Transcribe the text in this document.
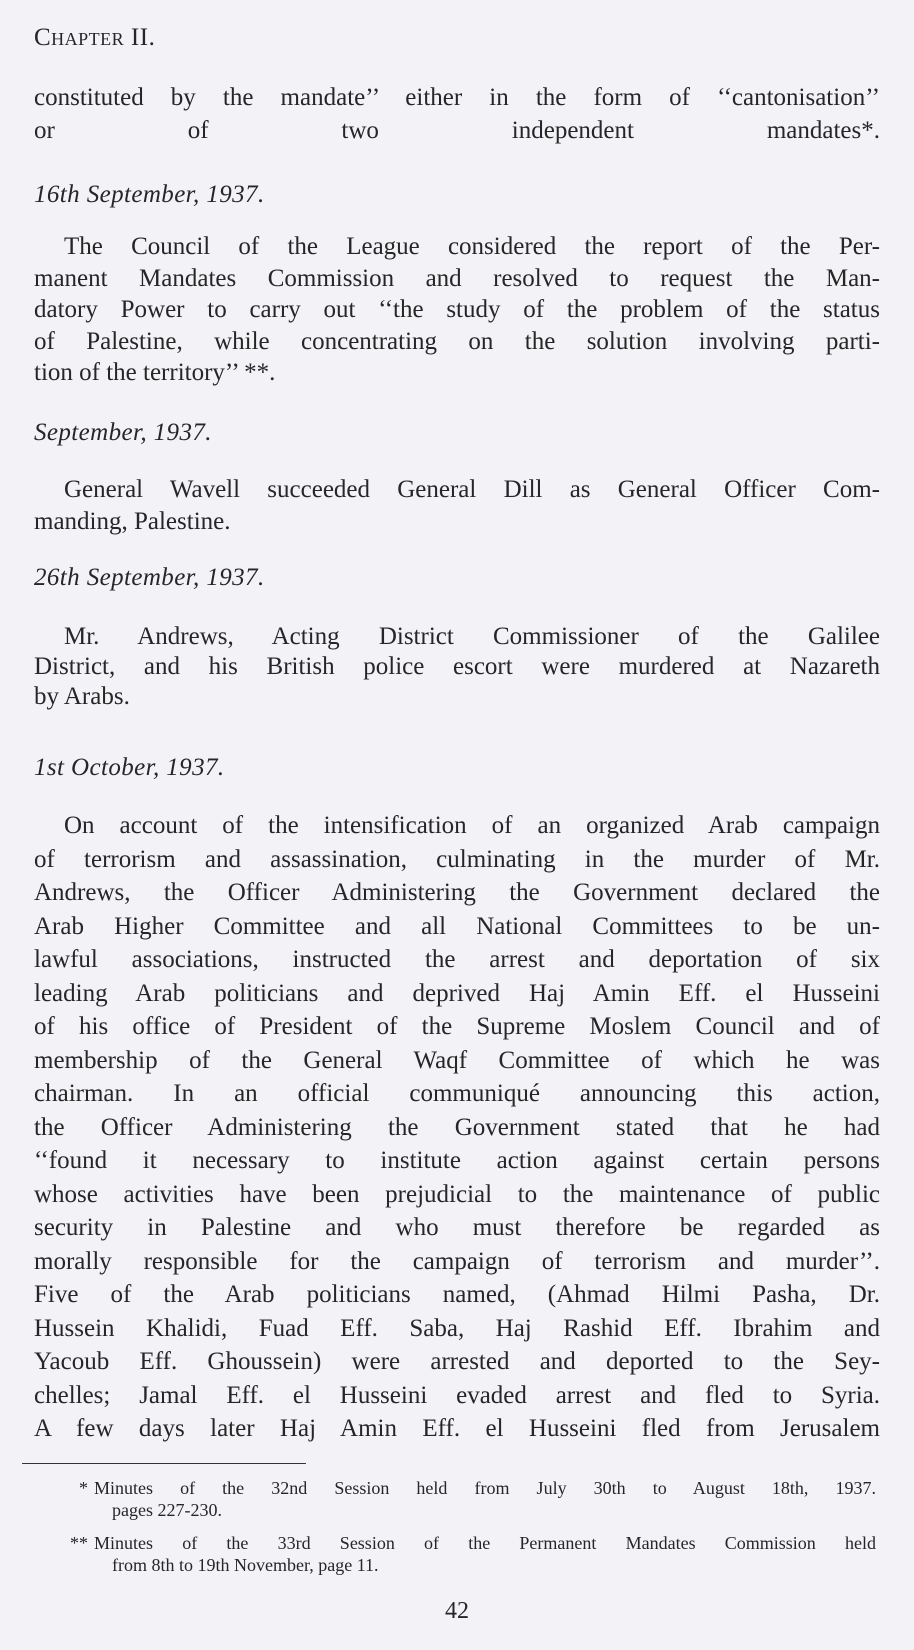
Chapter II.
constituted by the mandate’’ either in the form of ‘‘cantonisation’’
or of two independent mandates*.
16th September, 1937.
The Council of the League considered the report of the Per-
manent Mandates Commission and resolved to request the Man-
datory Power to carry out ‘‘the study of the problem of the status
of Palestine, while concentrating on the solution involving parti-
tion of the territory’’ **.
September, 1937.
General Wavell succeeded General Dill as General Officer Com-
manding, Palestine.
26th September, 1937.
Mr. Andrews, Acting District Commissioner of the Galilee
District, and his British police escort were murdered at Nazareth
by Arabs.
1st October, 1937.
On account of the intensification of an organized Arab campaign
of terrorism and assassination, culminating in the murder of Mr.
Andrews, the Officer Administering the Government declared the
Arab Higher Committee and all National Committees to be un-
lawful associations, instructed the arrest and deportation of six
leading Arab politicians and deprived Haj Amin Eff. el Husseini
of his office of President of the Supreme Moslem Council and of
membership of the General Waqf Committee of which he was
chairman. In an official communiqué announcing this action,
the Officer Administering the Government stated that he had
‘‘found it necessary to institute action against certain persons
whose activities have been prejudicial to the maintenance of public
security in Palestine and who must therefore be regarded as
morally responsible for the campaign of terrorism and murder’’.
Five of the Arab politicians named, (Ahmad Hilmi Pasha, Dr.
Hussein Khalidi, Fuad Eff. Saba, Haj Rashid Eff. Ibrahim and
Yacoub Eff. Ghoussein) were arrested and deported to the Sey-
chelles; Jamal Eff. el Husseini evaded arrest and fled to Syria.
A few days later Haj Amin Eff. el Husseini fled from Jerusalem
* Minutes of the 32nd Session held from July 30th to August 18th, 1937.
pages 227-230.
** Minutes of the 33rd Session of the Permanent Mandates Commission held
from 8th to 19th November, page 11.
42
